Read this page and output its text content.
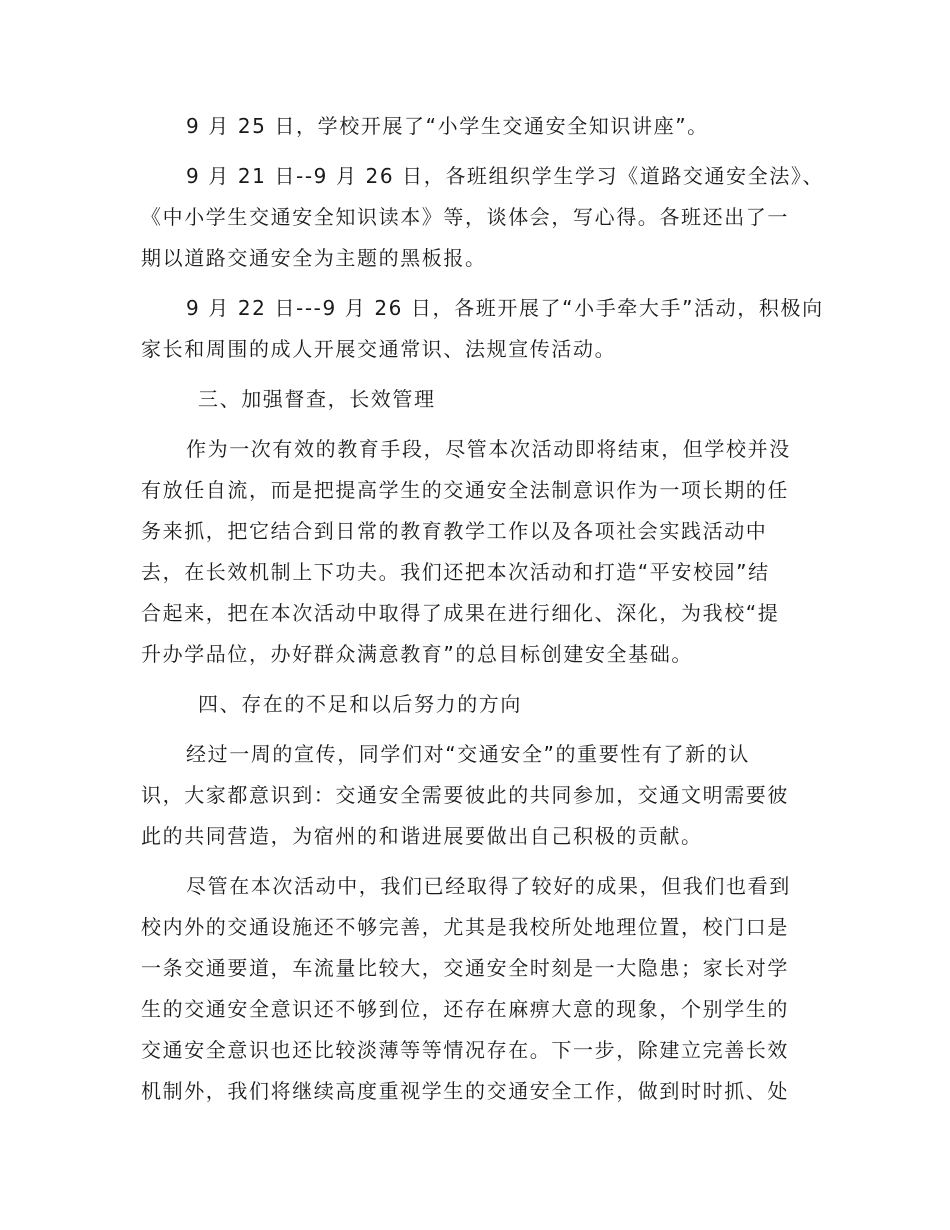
9 月 25 日，学校开展了“小学生交通安全知识讲座”。
9 月 21 日--9 月 26 日，各班组织学生学习《道路交通安全法》、
《中小学生交通安全知识读本》等，谈体会，写心得。各班还出了一
期以道路交通安全为主题的黑板报。
9 月 22 日---9 月 26 日，各班开展了“小手牵大手”活动，积极向
家长和周围的成人开展交通常识、法规宣传活动。
三、加强督查，长效管理
作为一次有效的教育手段，尽管本次活动即将结束，但学校并没
有放任自流，而是把提高学生的交通安全法制意识作为一项长期的任
务来抓，把它结合到日常的教育教学工作以及各项社会实践活动中
去，在长效机制上下功夫。我们还把本次活动和打造“平安校园”结
合起来，把在本次活动中取得了成果在进行细化、深化，为我校“提
升办学品位，办好群众满意教育”的总目标创建安全基础。
四、存在的不足和以后努力的方向
经过一周的宣传，同学们对“交通安全”的重要性有了新的认
识，大家都意识到：交通安全需要彼此的共同参加，交通文明需要彼
此的共同营造，为宿州的和谐进展要做出自己积极的贡献。
尽管在本次活动中，我们已经取得了较好的成果，但我们也看到
校内外的交通设施还不够完善，尤其是我校所处地理位置，校门口是
一条交通要道，车流量比较大，交通安全时刻是一大隐患；家长对学
生的交通安全意识还不够到位，还存在麻痹大意的现象，个别学生的
交通安全意识也还比较淡薄等等情况存在。下一步，除建立完善长效
机制外，我们将继续高度重视学生的交通安全工作，做到时时抓、处
